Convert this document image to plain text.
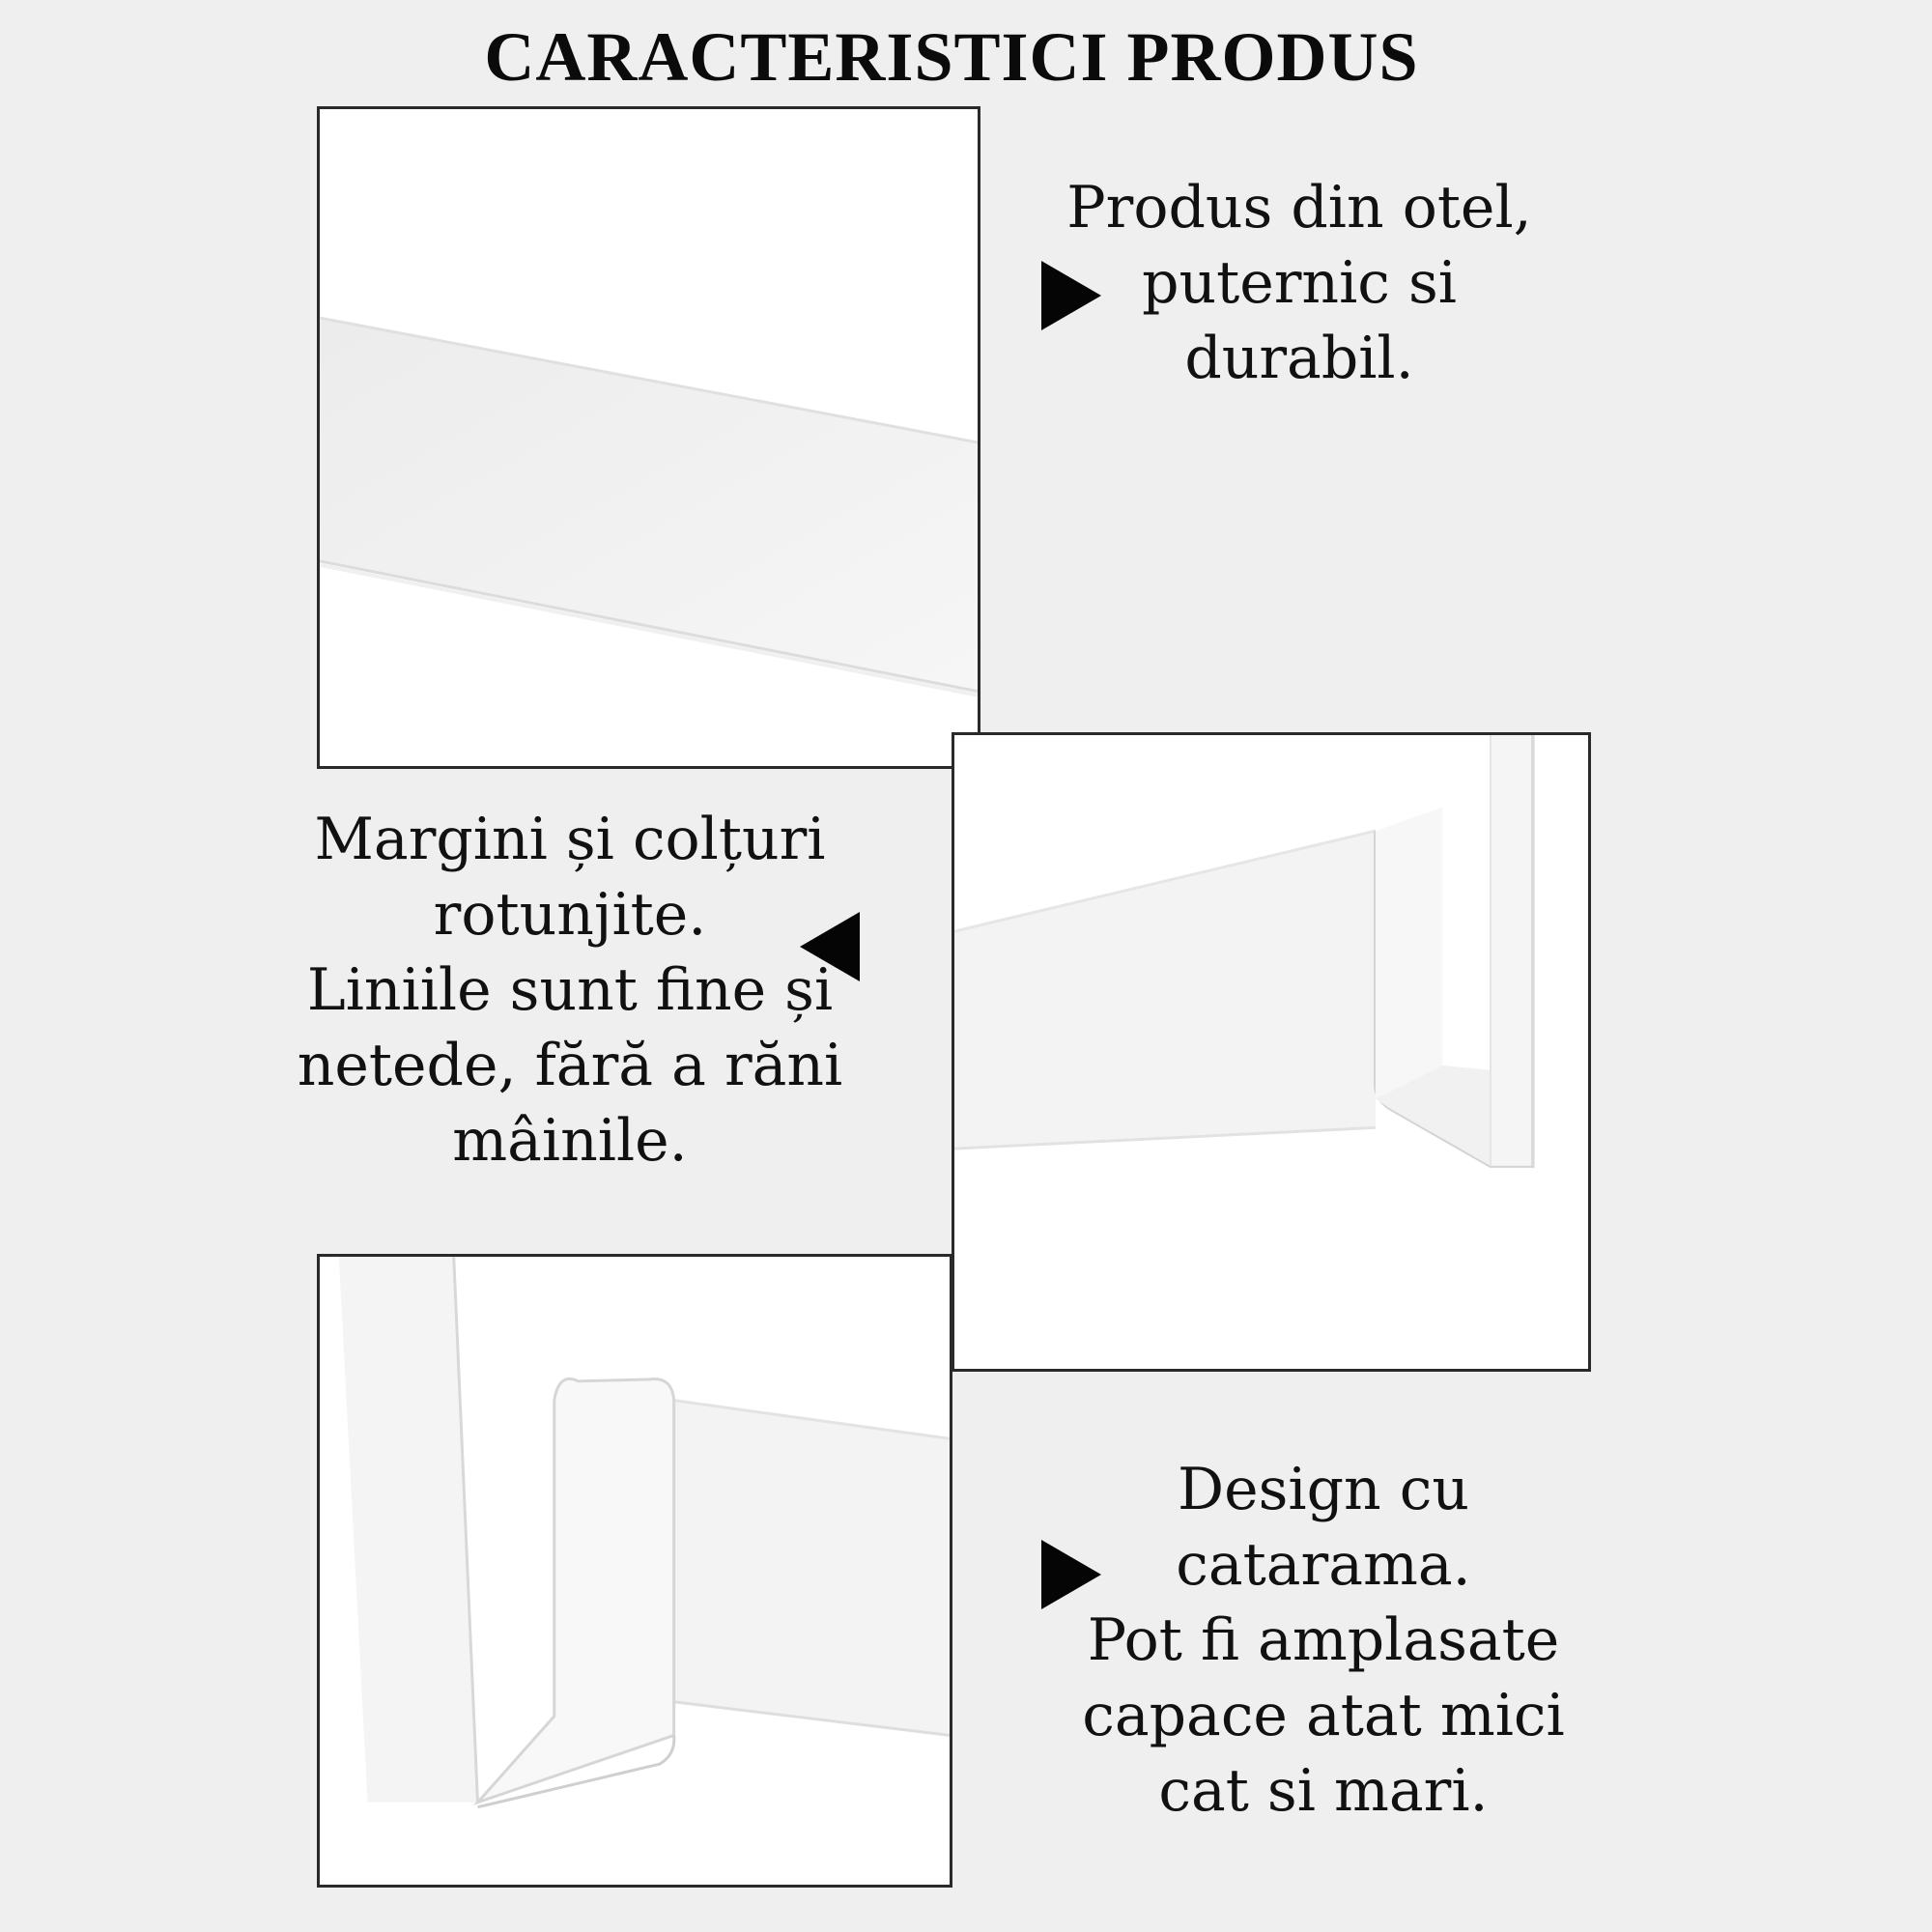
CARACTERISTICI PRODUS
Produs din otel,
puternic si
durabil.
Margini și colțuri
rotunjite.
Liniile sunt fine și
netede, fără a răni
mâinile.
Design cu
catarama.
Pot fi amplasate
capace atat mici
cat si mari.
